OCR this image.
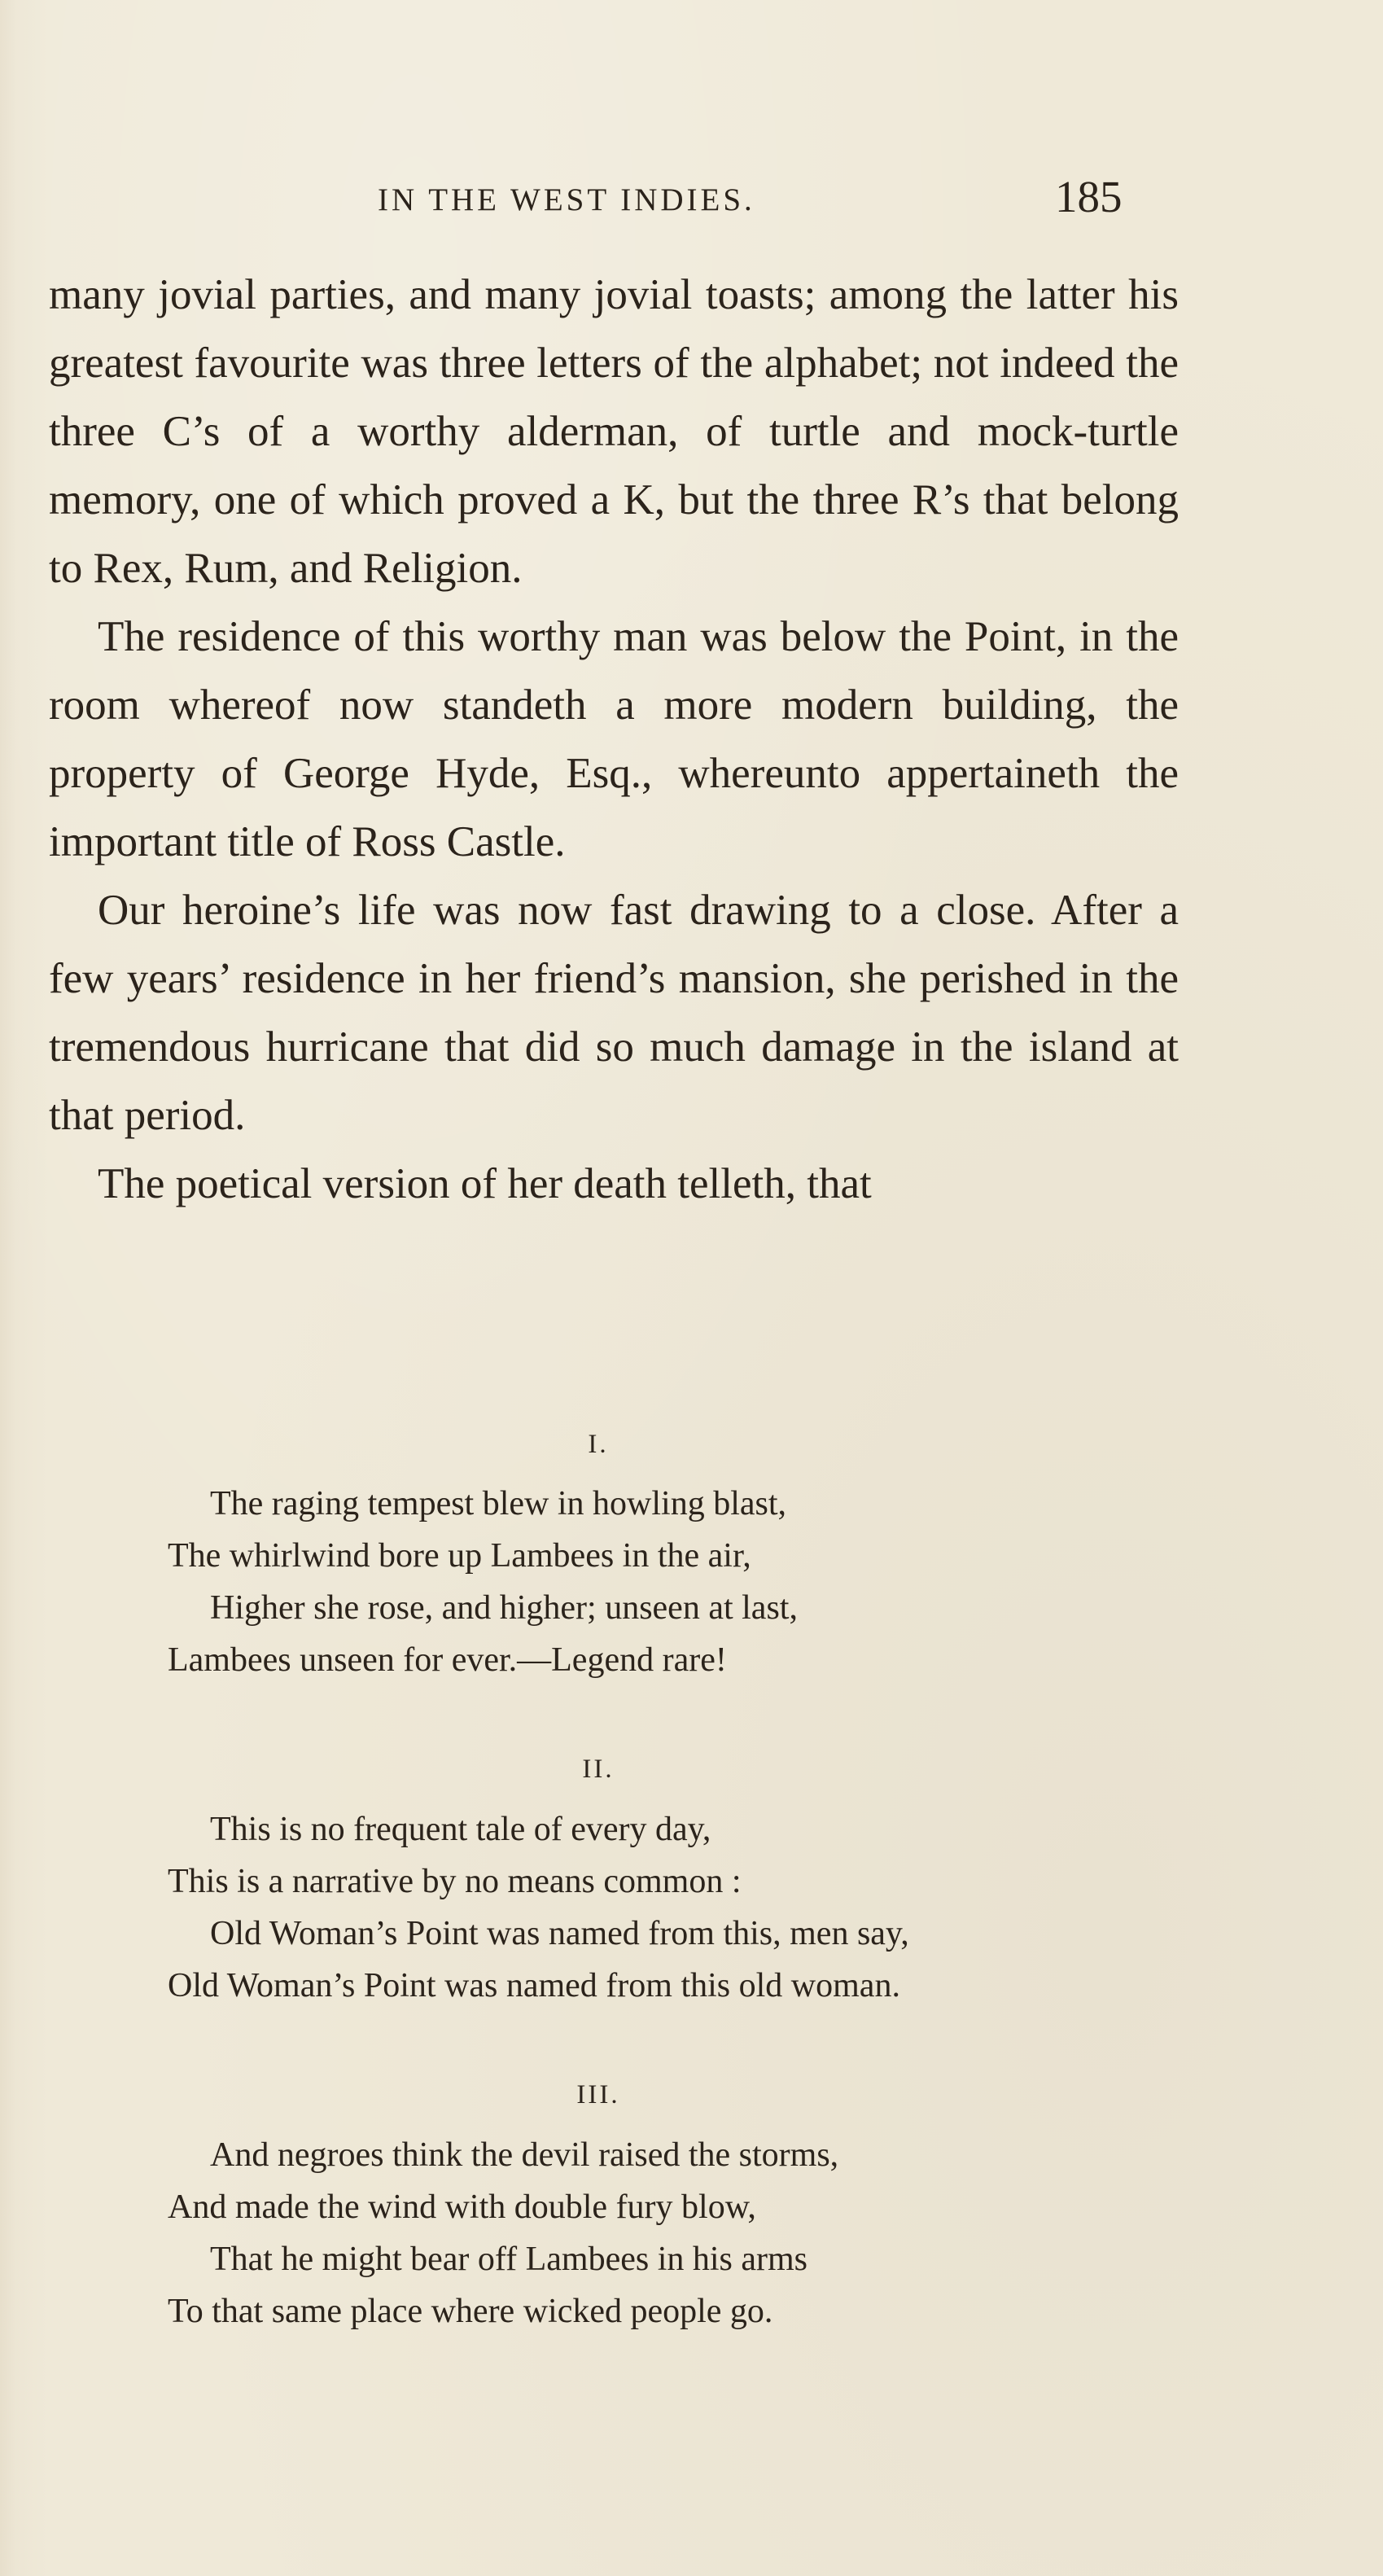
IN THE WEST INDIES.	185

many jovial parties, and many jovial toasts; among the latter his greatest favourite was three letters of the alphabet; not indeed the three C’s of a worthy alderman, of turtle and mock-turtle memory, one of which proved a K, but the three R’s that belong to Rex, Rum, and Religion.

The residence of this worthy man was below the Point, in the room whereof now standeth a more modern building, the property of George Hyde, Esq., whereunto appertaineth the important title of Ross Castle.

Our heroine’s life was now fast drawing to a close. After a few years’ residence in her friend’s mansion, she perished in the tremendous hurricane that did so much damage in the island at that period.

The poetical version of her death telleth, that

I.
The raging tempest blew in howling blast,
The whirlwind bore up Lambees in the air,
Higher she rose, and higher; unseen at last,
Lambees unseen for ever.—Legend rare!
II.
This is no frequent tale of every day,
This is a narrative by no means common :
Old Woman’s Point was named from this, men say,
Old Woman’s Point was named from this old woman.
III.
And negroes think the devil raised the storms,
And made the wind with double fury blow,
That he might bear off Lambees in his arms
To that same place where wicked people go.
